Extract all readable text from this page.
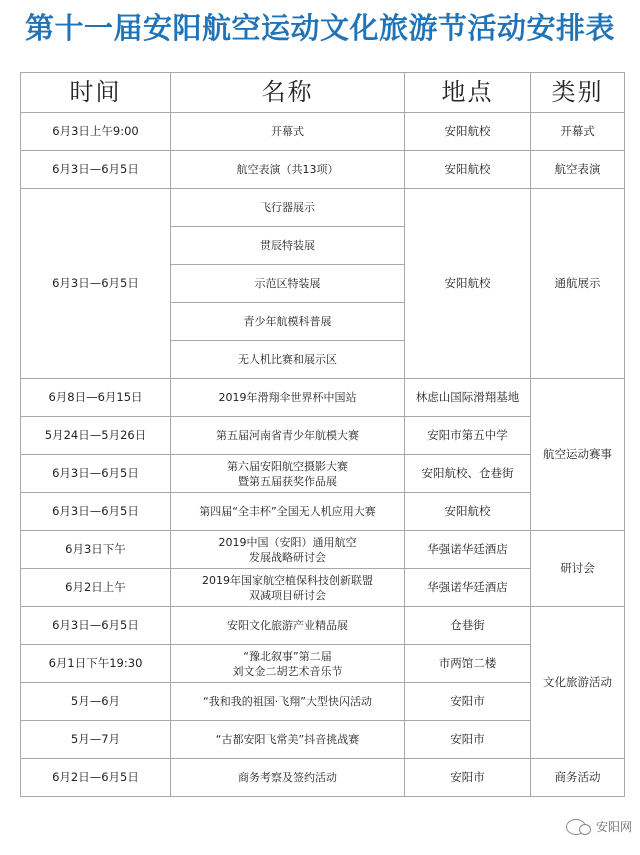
第十一届安阳航空运动文化旅游节活动安排表
时间	名称	地点	类别
6月3日上午9:00	开幕式	安阳航校	开幕式
6月3日—6月5日	航空表演（共13项）	安阳航校	航空表演
6月3日—6月5日	飞行器展示	安阳航校	通航展示
	贯辰特装展		
	示范区特装展		
	青少年航模科普展		
	无人机比赛和展示区		
6月8日—6月15日	2019年滑翔伞世界杯中国站	林虑山国际滑翔基地	航空运动赛事
5月24日—5月26日	第五届河南省青少年航模大赛	安阳市第五中学	
6月3日—6月5日	第六届安阳航空摄影大赛
暨第五届获奖作品展	安阳航校、仓巷街	
6月3日—6月5日	第四届“全丰杯”全国无人机应用大赛	安阳航校	
6月3日下午	2019中国（安阳）通用航空
发展战略研讨会	华强诺华廷酒店	研讨会
6月2日上午	2019年国家航空植保科技创新联盟
双减项目研讨会	华强诺华廷酒店	
6月3日—6月5日	安阳文化旅游产业精品展	仓巷街	文化旅游活动
6月1日下午19:30	“豫北叙事”第二届
刘文金二胡艺术音乐节	市两馆二楼	
5月—6月	“我和我的祖国·飞翔”大型快闪活动	安阳市	
5月—7月	“古都安阳飞常美”抖音挑战赛	安阳市	
6月2日—6月5日	商务考察及签约活动	安阳市	商务活动
安阳网
